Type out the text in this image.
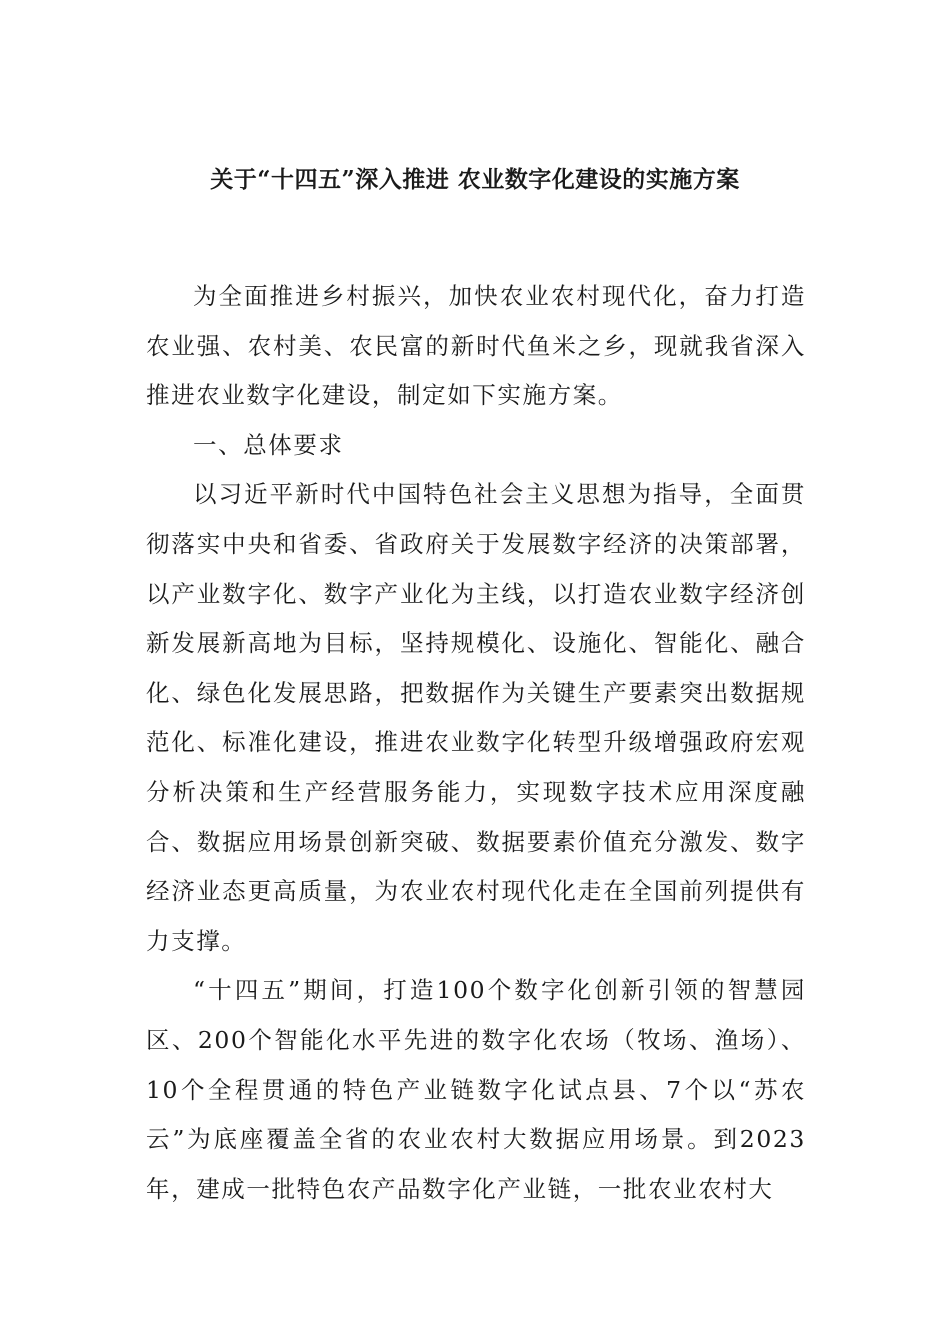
关于“十四五”深入推进 农业数字化建设的实施方案

为全面推进乡村振兴，加快农业农村现代化，奋力打造农业强、农村美、农民富的新时代鱼米之乡，现就我省深入推进农业数字化建设，制定如下实施方案。

一、总体要求

以习近平新时代中国特色社会主义思想为指导，全面贯彻落实中央和省委、省政府关于发展数字经济的决策部署，以产业数字化、数字产业化为主线，以打造农业数字经济创新发展新高地为目标，坚持规模化、设施化、智能化、融合化、绿色化发展思路，把数据作为关键生产要素突出数据规范化、标准化建设，推进农业数字化转型升级增强政府宏观分析决策和生产经营服务能力，实现数字技术应用深度融合、数据应用场景创新突破、数据要素价值充分激发、数字经济业态更高质量，为农业农村现代化走在全国前列提供有力支撑。

“十四五”期间，打造100个数字化创新引领的智慧园区、200个智能化水平先进的数字化农场（牧场、渔场）、10个全程贯通的特色产业链数字化试点县、7个以“苏农云”为底座覆盖全省的农业农村大数据应用场景。到2023年，建成一批特色农产品数字化产业链，一批农业农村大
